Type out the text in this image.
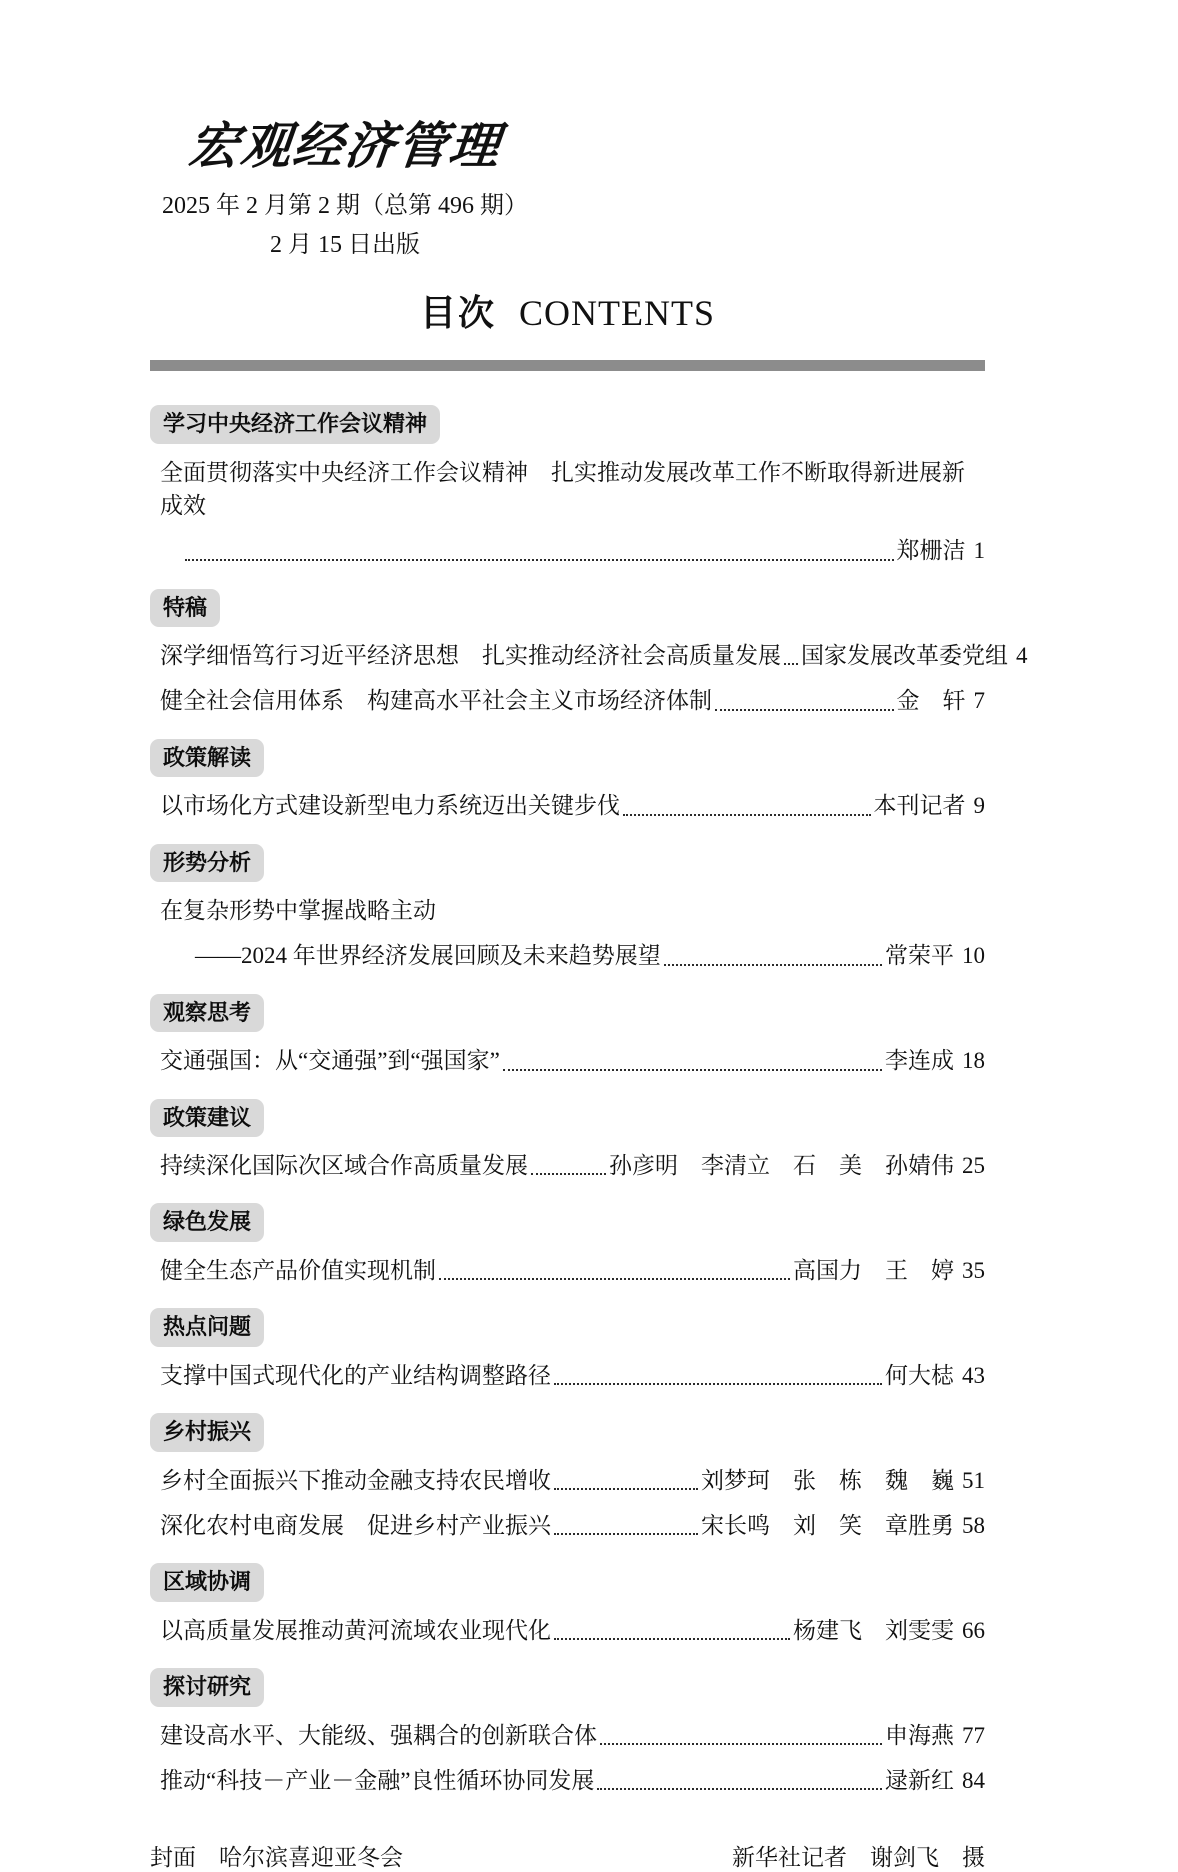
宏观经济管理
2025 年 2 月第 2 期（总第 496 期）
2 月 15 日出版
目次 CONTENTS
学习中央经济工作会议精神
全面贯彻落实中央经济工作会议精神　扎实推动发展改革工作不断取得新进展新成效
郑栅洁 1
特稿
深学细悟笃行习近平经济思想　扎实推动经济社会高质量发展 国家发展改革委党组 4
健全社会信用体系　构建高水平社会主义市场经济体制	金　轩 7
政策解读
以市场化方式建设新型电力系统迈出关键步伐	本刊记者 9
形势分析
在复杂形势中掌握战略主动
——2024 年世界经济发展回顾及未来趋势展望	常荣平 10
观察思考
交通强国：从“交通强”到“强国家”	李连成 18
政策建议
持续深化国际次区域合作高质量发展	孙彦明　李清立　石　美　孙婧伟 25
绿色发展
健全生态产品价值实现机制	高国力　王　婷 35
热点问题
支撑中国式现代化的产业结构调整路径	何大梽 43
乡村振兴
乡村全面振兴下推动金融支持农民增收	刘梦珂　张　栋　魏　巍 51
深化农村电商发展　促进乡村产业振兴	宋长鸣　刘　笑　章胜勇 58
区域协调
以高质量发展推动黄河流域农业现代化	杨建飞　刘雯雯 66
探讨研究
建设高水平、大能级、强耦合的创新联合体	申海燕 77
推动“科技－产业－金融”良性循环协同发展	逯新红 84
封面　哈尔滨喜迎亚冬会	新华社记者　谢剑飞　摄
